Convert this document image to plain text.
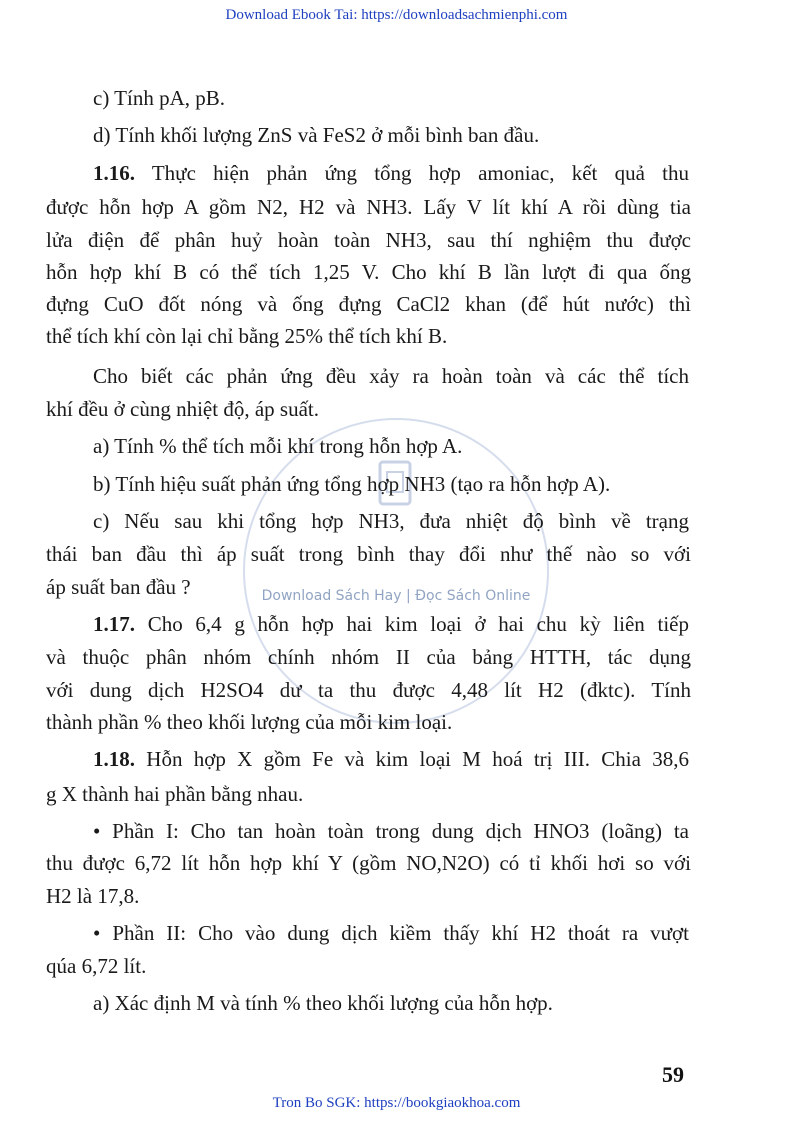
Download Ebook Tai: https://downloadsachmienphi.com
Download Sách Hay | Đọc Sách Online
c) Tính pA, pB.
d) Tính khối lượng ZnS và FeS2 ở mỗi bình ban đầu.
1.16. Thực hiện phản ứng tổng hợp amoniac, kết quả thu
được hỗn hợp A gồm N2, H2 và NH3. Lấy V lít khí A rồi dùng tia
lửa điện để phân huỷ hoàn toàn NH3, sau thí nghiệm thu được
hỗn hợp khí B có thể tích 1,25 V. Cho khí B lần lượt đi qua ống
đựng CuO đốt nóng và ống đựng CaCl2 khan (để hút nước) thì
thể tích khí còn lại chỉ bằng 25% thể tích khí B.
Cho biết các phản ứng đều xảy ra hoàn toàn và các thể tích
khí đều ở cùng nhiệt độ, áp suất.
a) Tính % thể tích mỗi khí trong hỗn hợp A.
b) Tính hiệu suất phản ứng tổng hợp NH3 (tạo ra hỗn hợp A).
c) Nếu sau khi tổng hợp NH3, đưa nhiệt độ bình về trạng
thái ban đầu thì áp suất trong bình thay đổi như thế nào so với
áp suất ban đầu ?
1.17. Cho 6,4 g hỗn hợp hai kim loại ở hai chu kỳ liên tiếp
và thuộc phân nhóm chính nhóm II của bảng HTTH, tác dụng
với dung dịch H2SO4 dư ta thu được 4,48 lít H2 (đktc). Tính
thành phần % theo khối lượng của mỗi kim loại.
1.18. Hỗn hợp X gồm Fe và kim loại M hoá trị III. Chia 38,6
g X thành hai phần bằng nhau.
• Phần I: Cho tan hoàn toàn trong dung dịch HNO3 (loãng) ta
thu được 6,72 lít hỗn hợp khí Y (gồm NO,N2O) có tỉ khối hơi so với
H2 là 17,8.
• Phần II: Cho vào dung dịch kiềm thấy khí H2 thoát ra vượt
qúa 6,72 lít.
a) Xác định M và tính % theo khối lượng của hỗn hợp.
59
Tron Bo SGK: https://bookgiaokhoa.com
